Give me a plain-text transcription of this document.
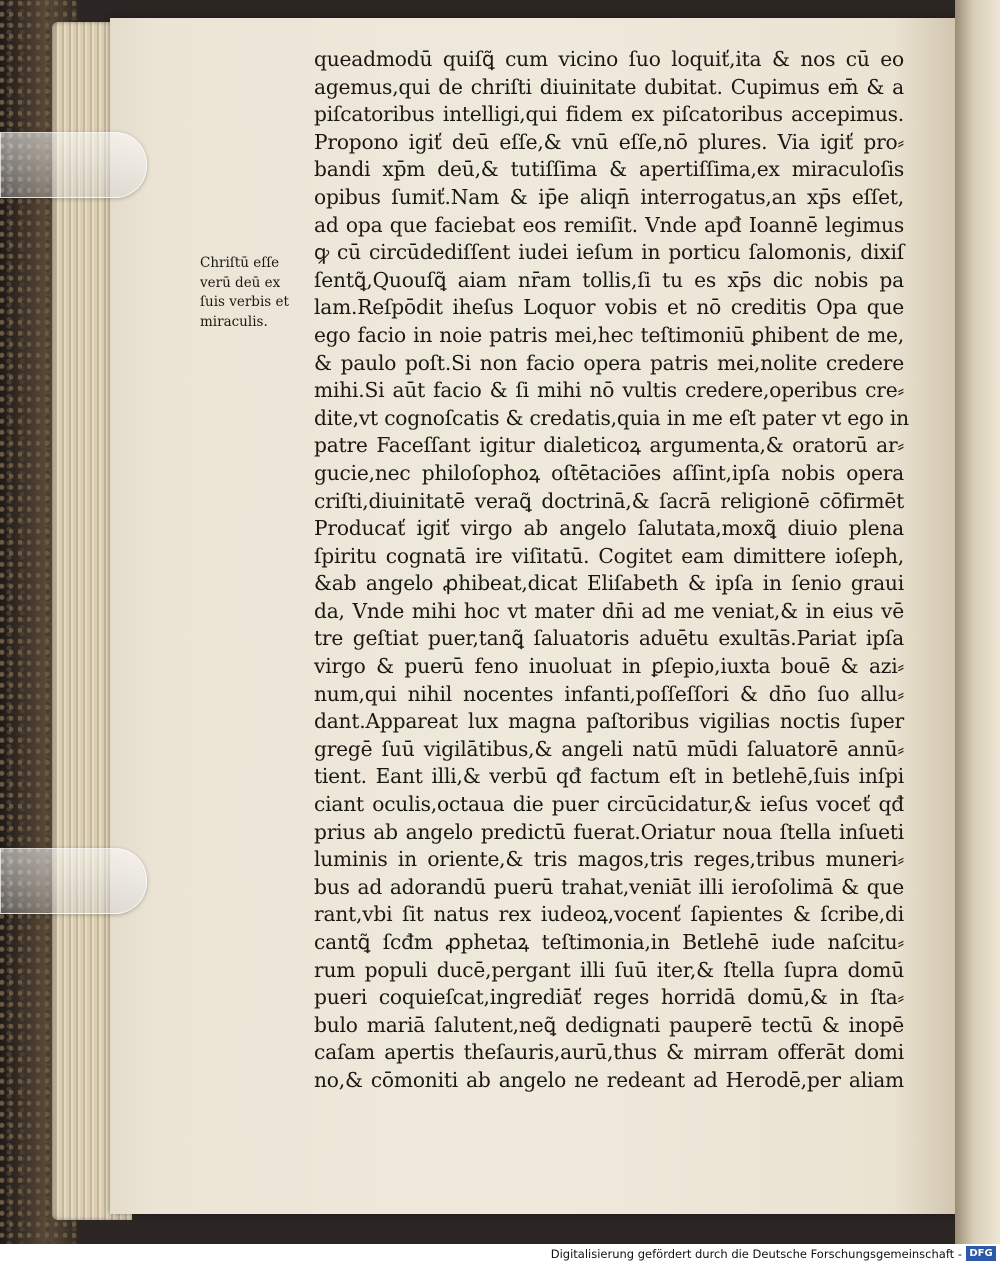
Chriſtū eſſe
verū deū ex
ſuis verbis et
miraculis.
queadmodū quiſꝗ͂ cum vicino ſuo loquiť,ita & nos cū eo
agemus,qui de chriſti diuinitate dubitat. Cupimus em̄ & a
piſcatoribus intelligi,qui fidem ex piſcatoribus accepimus.
Propono igiť deū eſſe,& vnū eſſe,nō plures. Via igiť pro⸗
bandi xp̄m deū,& tutiſſima & apertiſſima,ex miraculoſis
opibus ſumiť.Nam & ip̄e aliqn̄ interrogatus,an xp̄s eſſet,
ad opa que faciebat eos remiſit. Vnde apđ Ioannē legimus
ꝙ cū circūdediſſent iudei ieſum in porticu ſalomonis, dixiſ
ſentꝗ͂,Quouſꝗ͂ aiam nr̄am tollis,ſi tu es xp̄s dic nobis pa
lam.Reſpōdit iheſus Loquor vobis et nō creditis Opa que
ego facio in noie patris mei,hec teſtimoniū ꝑhibent de me,
& paulo poſt.Si non facio opera patris mei,nolite credere
mihi.Si aūt facio & ſi mihi nō vultis credere,operibus cre⸗
dite,vt cognoſcatis & credatis,quia in me eſt pater vt ego in
patre Faceſſant igitur dialeticoꝝ argumenta,& oratorū ar⸗
gucie,nec philoſophoꝝ oſtētaciōes aſſint,ipſa nobis opera
criſti,diuinitatē veraꝗ͂ doctrinā,& ſacrā religionē cōfirmēt
Producať igiť virgo ab angelo ſalutata,moxꝗ͂ diuio plena
ſpiritu cognatā ire viſitatū. Cogitet eam dimittere ioſeph,
&ab angelo ꝓhibeat,dicat Eliſabeth & ipſa in ſenio graui
da, Vnde mihi hoc vt mater dn̄i ad me veniat,& in eius vē
tre geſtiat puer,tanꝗ͂ ſaluatoris aduētu exultās.Pariat ipſa
virgo & puerū feno inuoluat in ꝑſepio,iuxta bouē & azi⸗
num,qui nihil nocentes infanti,poſſeſſori & dn̄o ſuo allu⸗
dant.Appareat lux magna paſtoribus vigilias noctis ſuper
gregē ſuū vigilātibus,& angeli natū mūdi ſaluatorē annū⸗
tient. Eant illi,& verbū qđ factum eſt in betlehē,ſuis inſpi
ciant oculis,octaua die puer circūcidatur,& ieſus voceť qđ
prius ab angelo predictū fuerat.Oriatur noua ſtella inſueti
luminis in oriente,& tris magos,tris reges,tribus muneri⸗
bus ad adorandū puerū trahat,veniāt illi ieroſolimā & que
rant,vbi ſit natus rex iudeoꝝ,vocenť ſapientes & ſcribe,di
cantꝗ͂ ſcđm ꝓphetaꝝ teſtimonia,in Betlehē iude naſcitu⸗
rum populi ducē,pergant illi ſuū iter,& ſtella ſupra domū
pueri coquieſcat,ingrediāť reges horridā domū,& in ſta⸗
bulo mariā ſalutent,neꝗ͂ dedignati pauperē tectū & inopē
caſam apertis theſauris,aurū,thus & mirram offerāt domi
no,& cōmoniti ab angelo ne redeant ad Herodē,per aliam
Digitalisierung gefördert durch die Deutsche Forschungsgemeinschaft - DFG
